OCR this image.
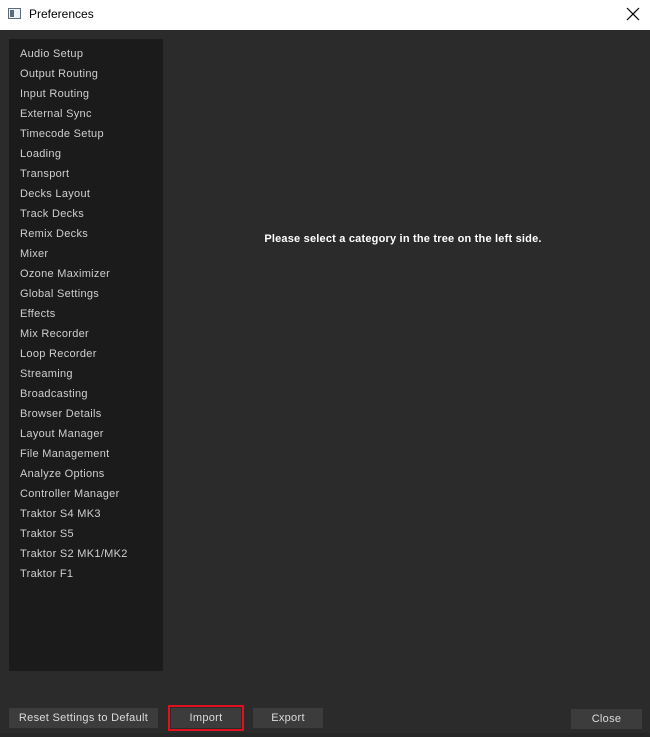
Preferences
Audio Setup
Output Routing
Input Routing
External Sync
Timecode Setup
Loading
Transport
Decks Layout
Track Decks
Remix Decks
Mixer
Ozone Maximizer
Global Settings
Effects
Mix Recorder
Loop Recorder
Streaming
Broadcasting
Browser Details
Layout Manager
File Management
Analyze Options
Controller Manager
Traktor S4 MK3
Traktor S5
Traktor S2 MK1/MK2
Traktor F1
Please select a category in the tree on the left side.
Reset Settings to Default	Import	Export	Close
